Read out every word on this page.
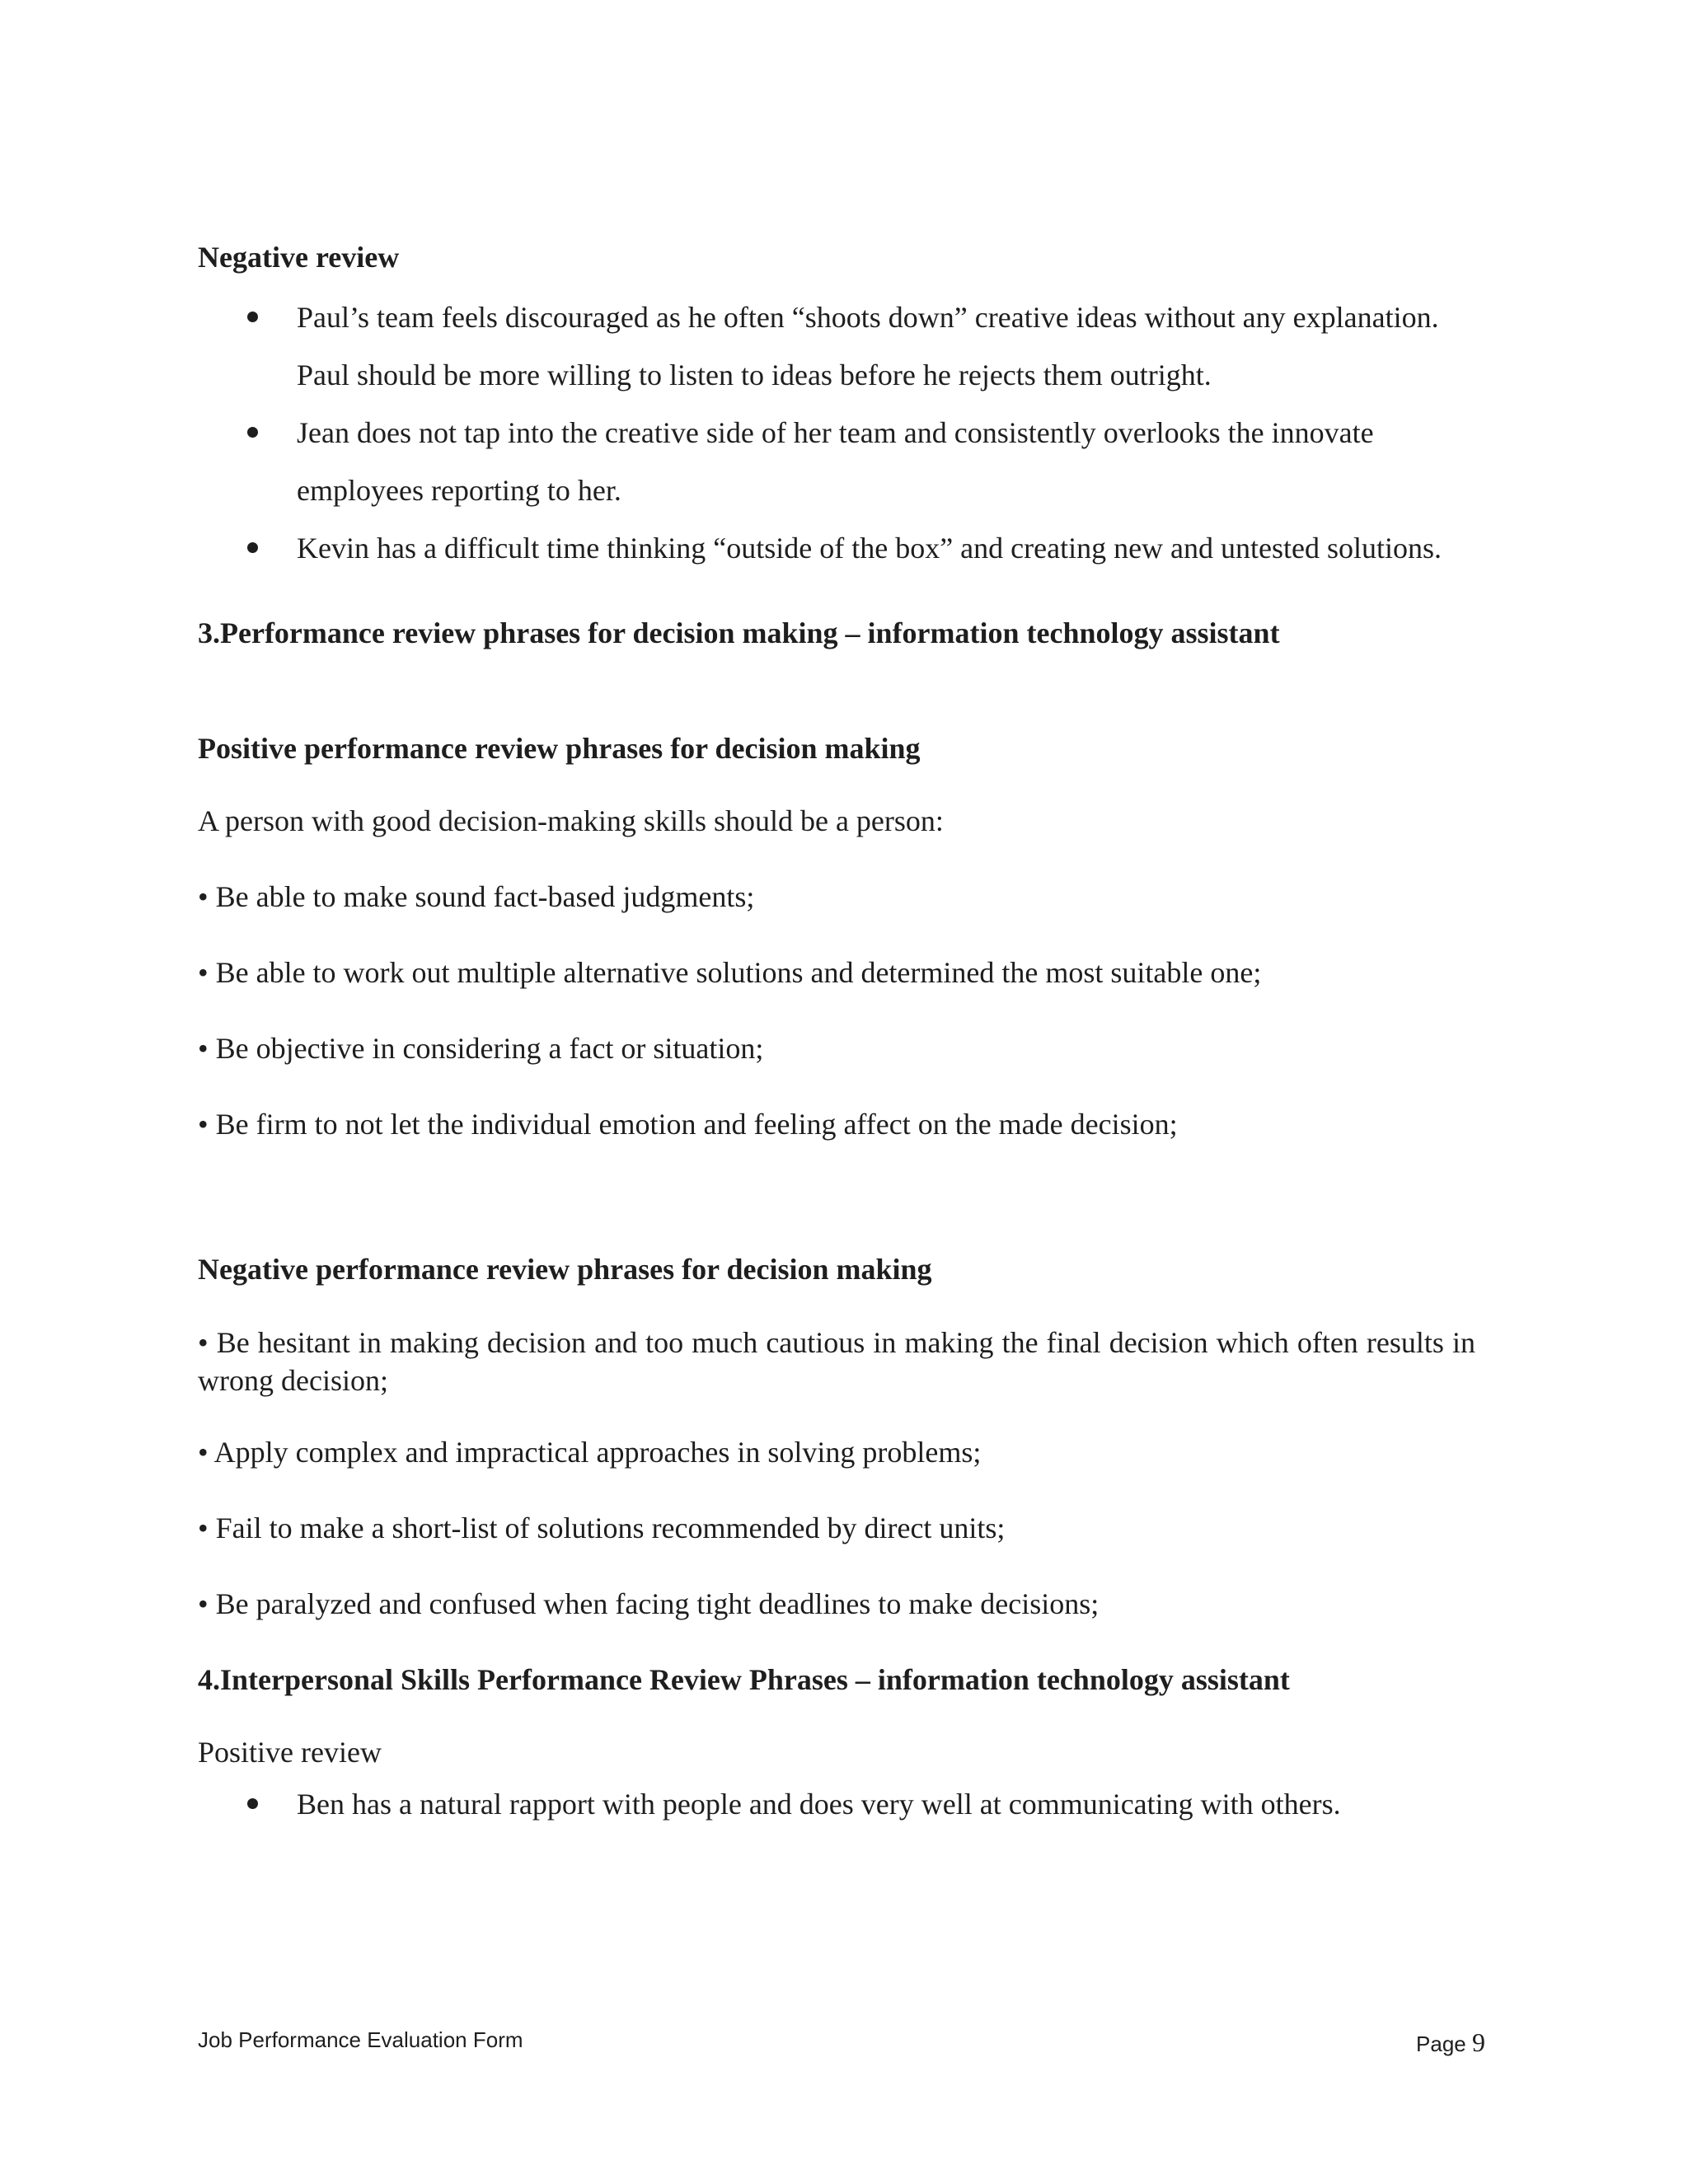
Negative review

Paul’s team feels discouraged as he often “shoots down” creative ideas without any explanation. Paul should be more willing to listen to ideas before he rejects them outright.
Jean does not tap into the creative side of her team and consistently overlooks the innovate employees reporting to her.
Kevin has a difficult time thinking “outside of the box” and creating new and untested solutions.

3.Performance review phrases for decision making – information technology assistant

Positive performance review phrases for decision making

A person with good decision-making skills should be a person:

• Be able to make sound fact-based judgments;

• Be able to work out multiple alternative solutions and determined the most suitable one;

• Be objective in considering a fact or situation;

• Be firm to not let the individual emotion and feeling affect on the made decision;

Negative performance review phrases for decision making

• Be hesitant in making decision and too much cautious in making the final decision which often results in wrong decision;

• Apply complex and impractical approaches in solving problems;

• Fail to make a short-list of solutions recommended by direct units;

• Be paralyzed and confused when facing tight deadlines to make decisions;

4.Interpersonal Skills Performance Review Phrases – information technology assistant

Positive review

Ben has a natural rapport with people and does very well at communicating with others.
Job Performance Evaluation Form	Page 9
